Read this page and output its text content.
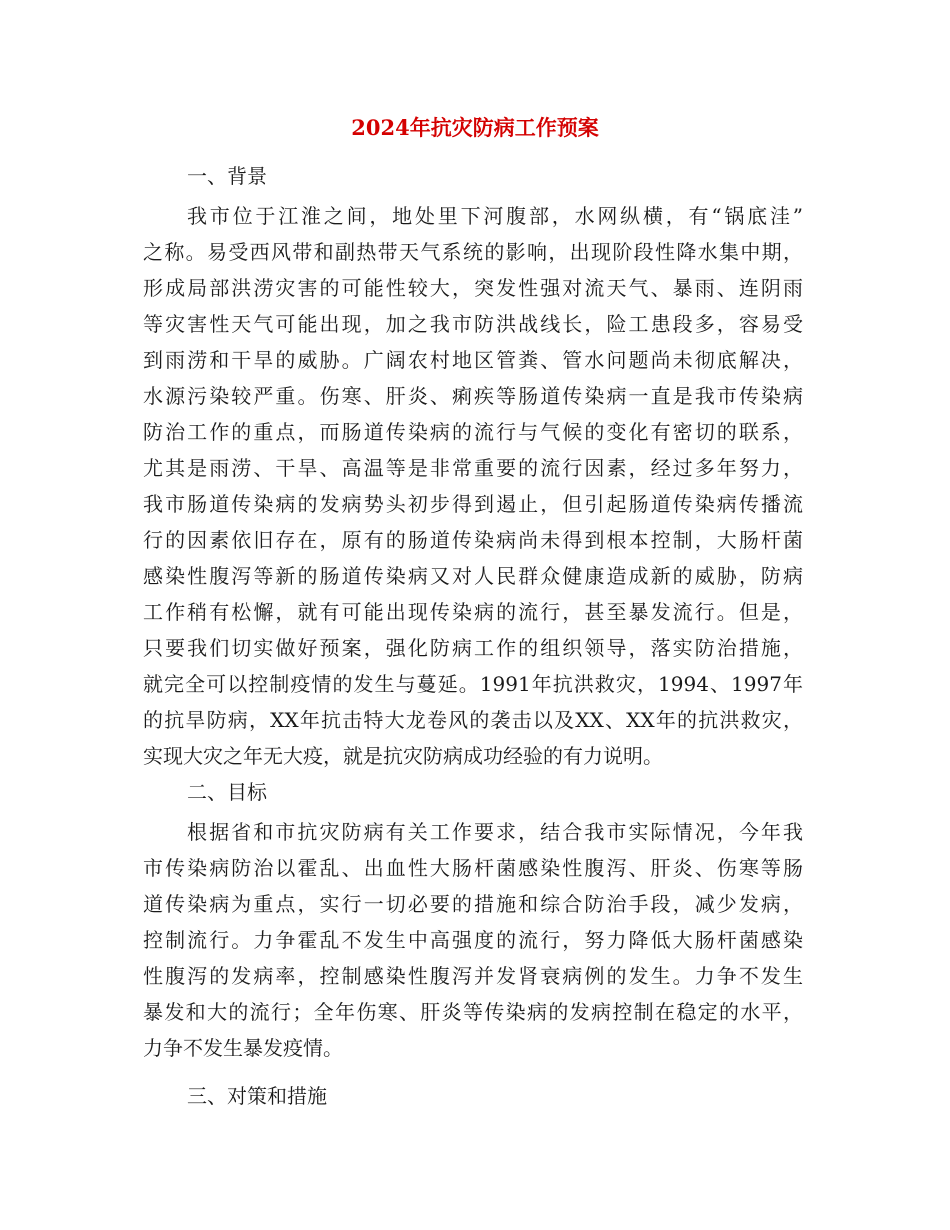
2024年抗灾防病工作预案
一、背景
我市位于江淮之间，地处里下河腹部，水网纵横，有“锅底洼”
之称。易受西风带和副热带天气系统的影响，出现阶段性降水集中期，
形成局部洪涝灾害的可能性较大，突发性强对流天气、暴雨、连阴雨
等灾害性天气可能出现，加之我市防洪战线长，险工患段多，容易受
到雨涝和干旱的威胁。广阔农村地区管粪、管水问题尚未彻底解决，
水源污染较严重。伤寒、肝炎、痢疾等肠道传染病一直是我市传染病
防治工作的重点，而肠道传染病的流行与气候的变化有密切的联系，
尤其是雨涝、干旱、高温等是非常重要的流行因素，经过多年努力，
我市肠道传染病的发病势头初步得到遏止，但引起肠道传染病传播流
行的因素依旧存在，原有的肠道传染病尚未得到根本控制，大肠杆菌
感染性腹泻等新的肠道传染病又对人民群众健康造成新的威胁，防病
工作稍有松懈，就有可能出现传染病的流行，甚至暴发流行。但是，
只要我们切实做好预案，强化防病工作的组织领导，落实防治措施，
就完全可以控制疫情的发生与蔓延。1991年抗洪救灾，1994、1997年
的抗旱防病，XX年抗击特大龙卷风的袭击以及XX、XX年的抗洪救灾，
实现大灾之年无大疫，就是抗灾防病成功经验的有力说明。
二、目标
根据省和市抗灾防病有关工作要求，结合我市实际情况，今年我
市传染病防治以霍乱、出血性大肠杆菌感染性腹泻、肝炎、伤寒等肠
道传染病为重点，实行一切必要的措施和综合防治手段，减少发病，
控制流行。力争霍乱不发生中高强度的流行，努力降低大肠杆菌感染
性腹泻的发病率，控制感染性腹泻并发肾衰病例的发生。力争不发生
暴发和大的流行；全年伤寒、肝炎等传染病的发病控制在稳定的水平，
力争不发生暴发疫情。
三、对策和措施
